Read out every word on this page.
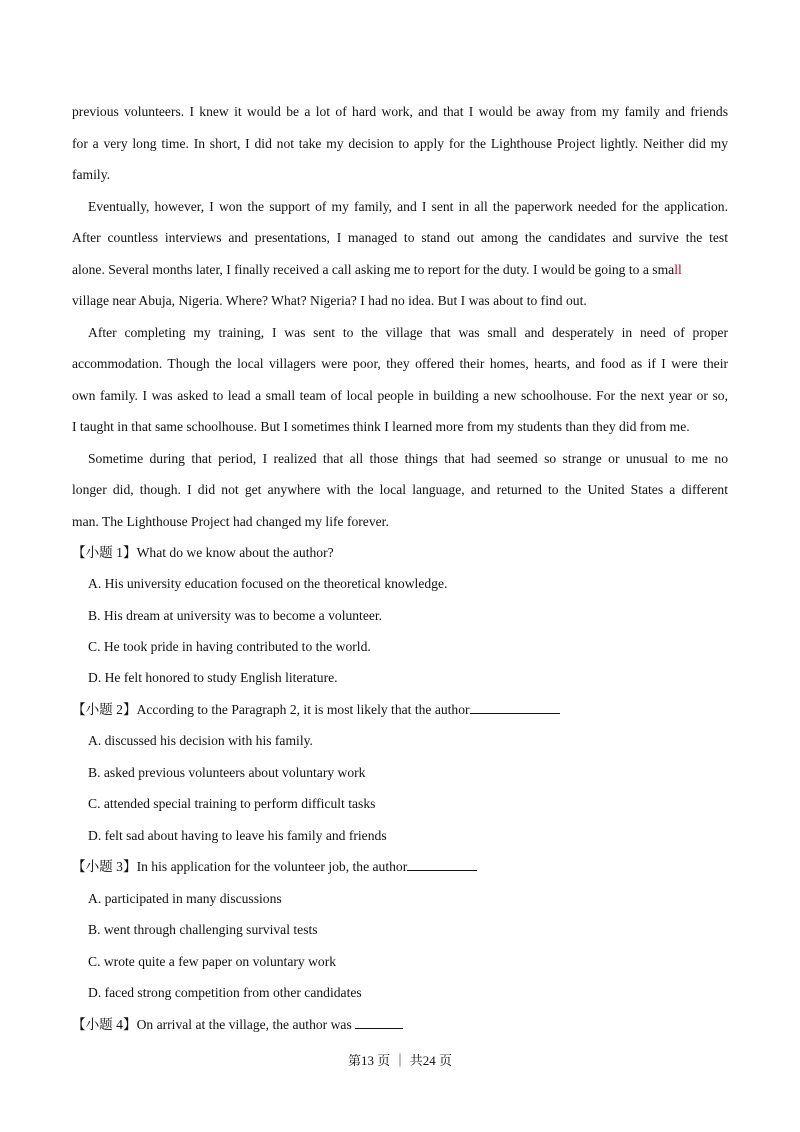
previous volunteers. I knew it would be a lot of hard work, and that I would be away from my family and friends
for a very long time. In short, I did not take my decision to apply for the Lighthouse Project lightly. Neither did my
family.
Eventually, however, I won the support of my family, and I sent in all the paperwork needed for the application.
After countless interviews and presentations, I managed to stand out among the candidates and survive the test
alone. Several months later, I finally received a call asking me to report for the duty. I would be going to a small
village near Abuja, Nigeria. Where? What? Nigeria? I had no idea. But I was about to find out.
After completing my training, I was sent to the village that was small and desperately in need of proper
accommodation. Though the local villagers were poor, they offered their homes, hearts, and food as if I were their
own family. I was asked to lead a small team of local people in building a new schoolhouse. For the next year or so,
I taught in that same schoolhouse. But I sometimes think I learned more from my students than they did from me.
Sometime during that period, I realized that all those things that had seemed so strange or unusual to me no
longer did, though. I did not get anywhere with the local language, and returned to the United States a different
man. The Lighthouse Project had changed my life forever.
【小题 1】What do we know about the author?
A. His university education focused on the theoretical knowledge.
B. His dream at university was to become a volunteer.
C. He took pride in having contributed to the world.
D. He felt honored to study English literature.
【小题 2】According to the Paragraph 2, it is most likely that the author
A. discussed his decision with his family.
B. asked previous volunteers about voluntary work
C. attended special training to perform difficult tasks
D. felt sad about having to leave his family and friends
【小题 3】In his application for the volunteer job, the author
A. participated in many discussions
B. went through challenging survival tests
C. wrote quite a few paper on voluntary work
D. faced strong competition from other candidates
【小题 4】On arrival at the village, the author was
第13 页 ｜ 共24 页
